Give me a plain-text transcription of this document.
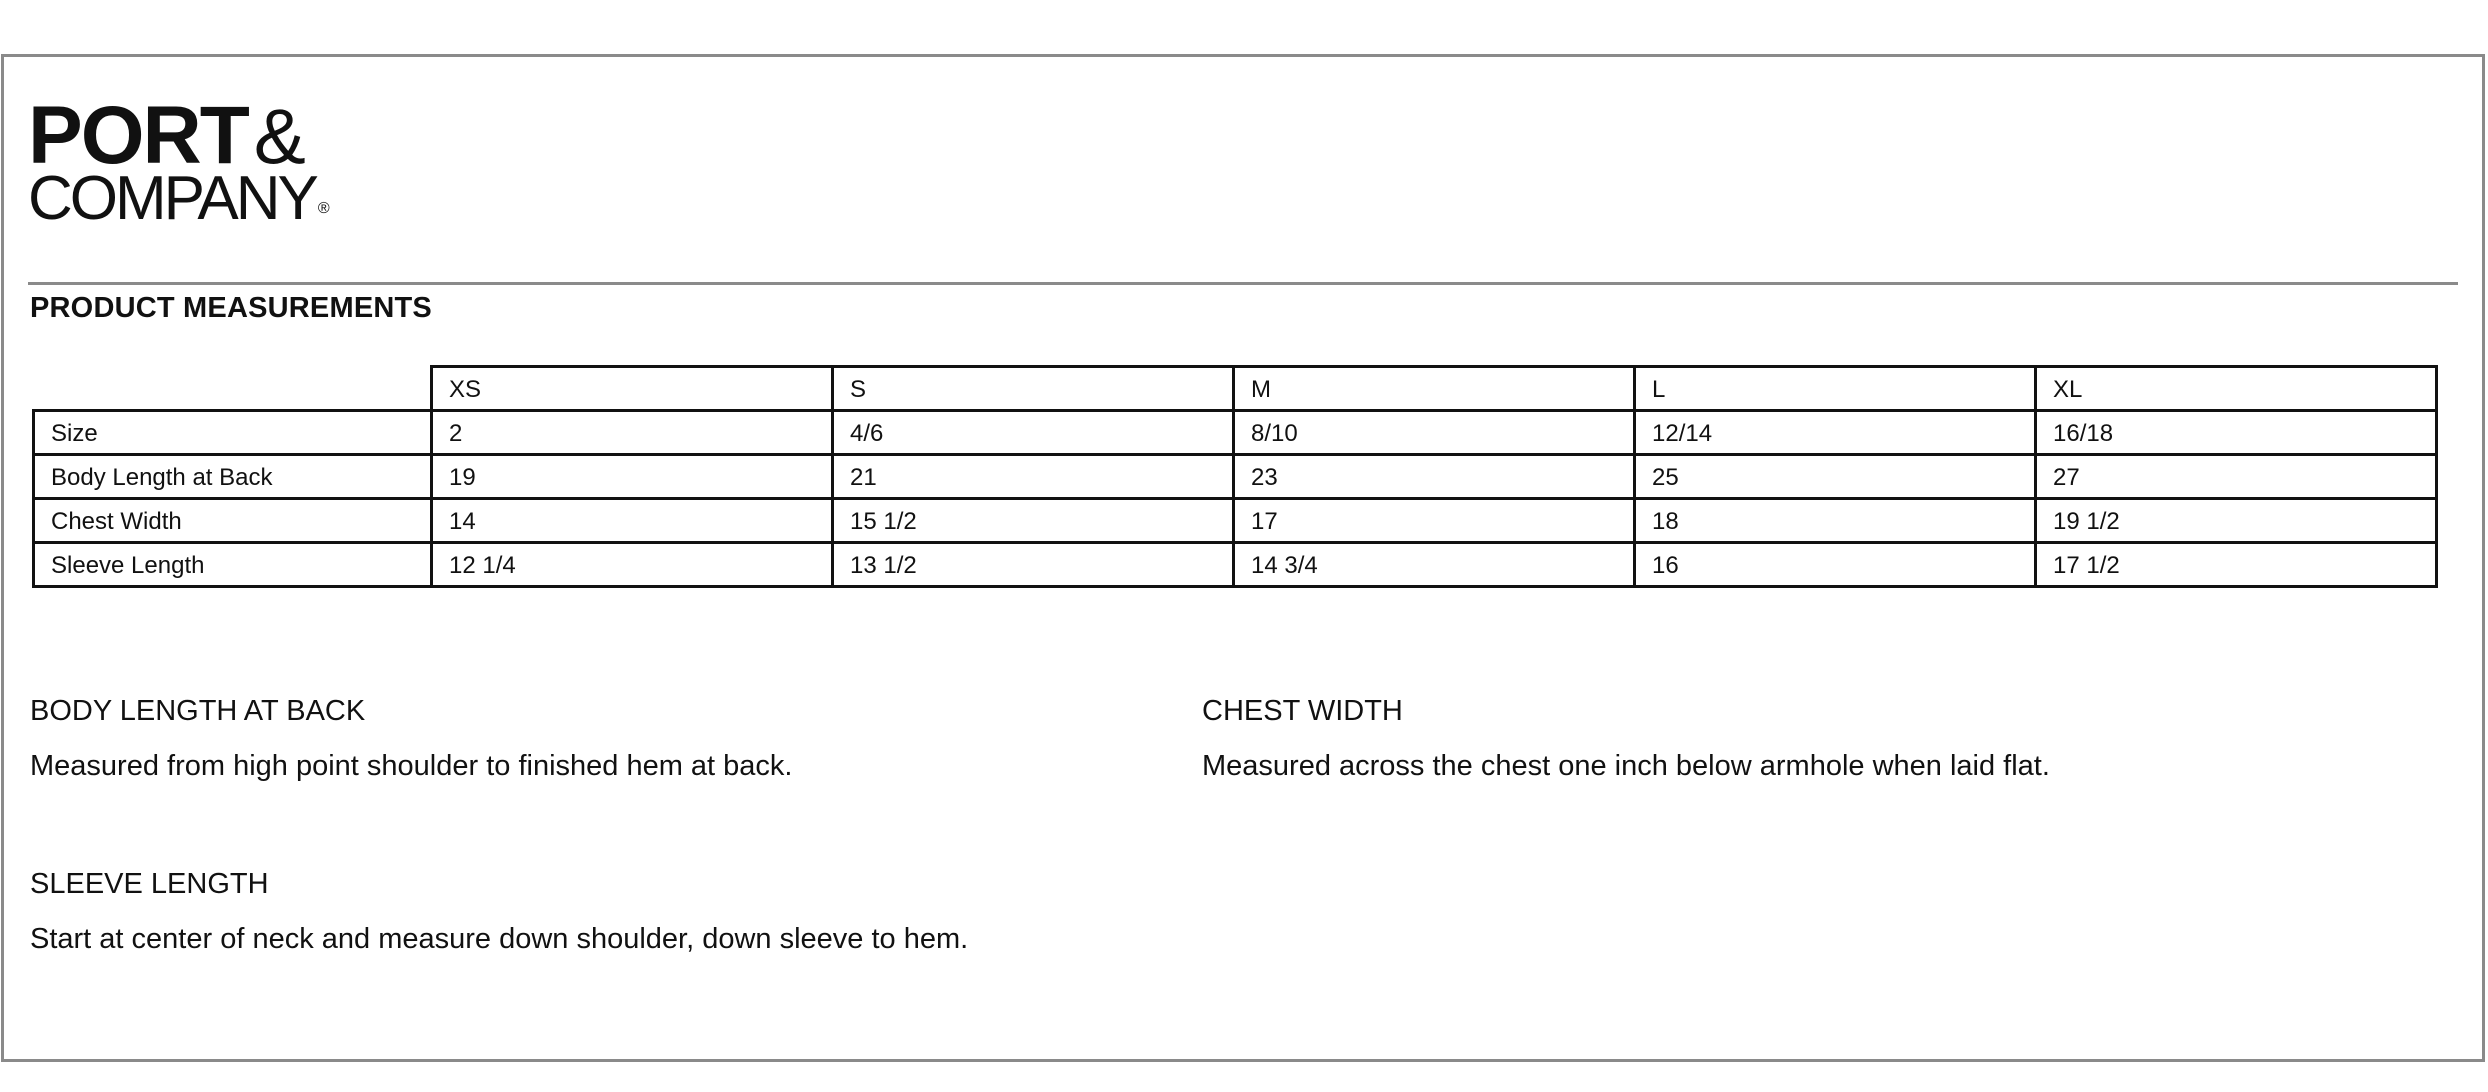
PORT&
COMPANY ®
PRODUCT MEASUREMENTS
	XS	S	M	L	XL
Size	2	4/6	8/10	12/14	16/18
Body Length at Back	19	21	23	25	27
Chest Width	14	15 1/2	17	18	19 1/2
Sleeve Length	12 1/4	13 1/2	14 3/4	16	17 1/2
BODY LENGTH AT BACK
Measured from high point shoulder to finished hem at back.
CHEST WIDTH
Measured across the chest one inch below armhole when laid flat.
SLEEVE LENGTH
Start at center of neck and measure down shoulder, down sleeve to hem.
